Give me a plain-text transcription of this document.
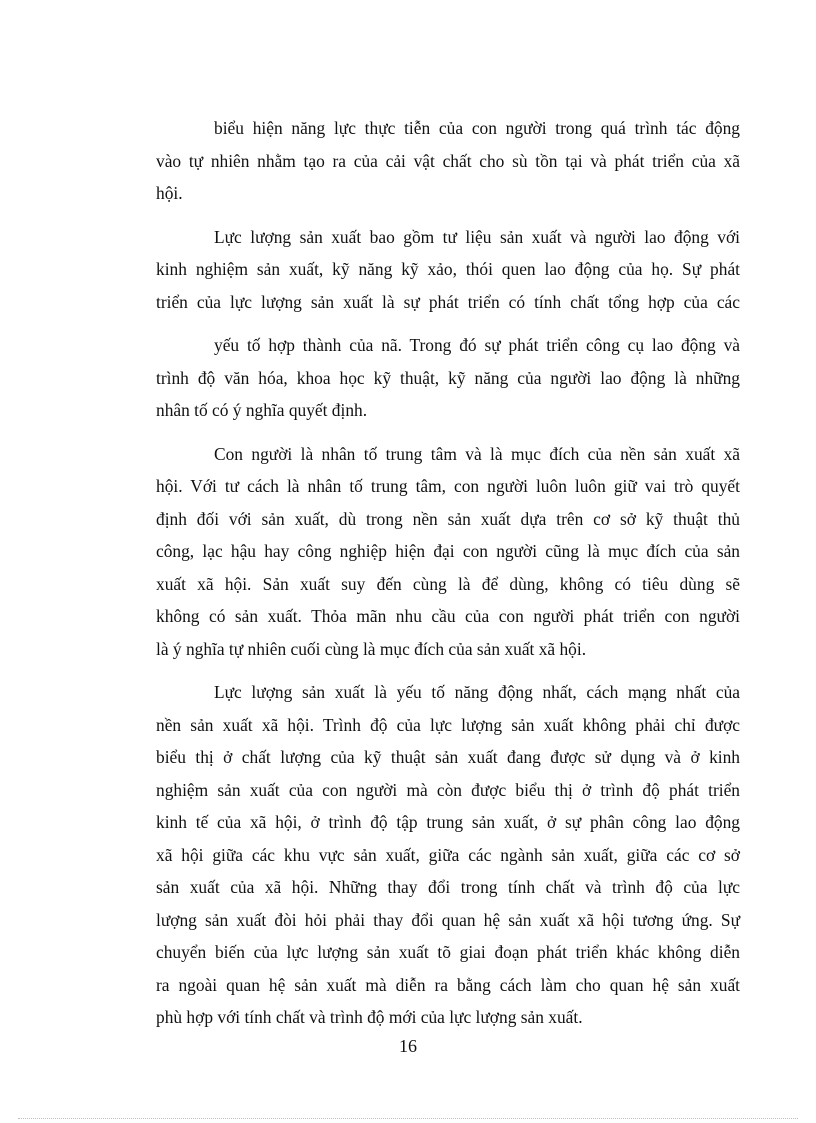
biểu hiện năng lực thực tiễn của con người trong quá trình tác động
vào tự nhiên nhằm tạo ra của cải vật chất cho sù tồn tại và phát triển của xã
hội.

Lực lượng sản xuất bao gồm tư liệu sản xuất và người lao động với
kinh nghiệm sản xuất, kỹ năng kỹ xảo, thói quen lao động của họ. Sự phát
triển của lực lượng sản xuất là sự phát triển có tính chất tổng hợp của các

yếu tố hợp thành của nã. Trong đó sự phát triển công cụ lao động và
trình độ văn hóa, khoa học kỹ thuật, kỹ năng của người lao động là những
nhân tố có ý nghĩa quyết định.

Con người là nhân tố trung tâm và là mục đích của nền sản xuất xã
hội. Với tư cách là nhân tố trung tâm, con người luôn luôn giữ vai trò quyết
định đối với sản xuất, dù trong nền sản xuất dựa trên cơ sở kỹ thuật thủ
công, lạc hậu hay công nghiệp hiện đại con người cũng là mục đích của sản
xuất xã hội. Sản xuất suy đến cùng là để dùng, không có tiêu dùng sẽ
không có sản xuất. Thỏa mãn nhu cầu của con người phát triển con người
là ý nghĩa tự nhiên cuối cùng là mục đích của sản xuất xã hội.

Lực lượng sản xuất là yếu tố năng động nhất, cách mạng nhất của
nền sản xuất xã hội. Trình độ của lực lượng sản xuất không phải chỉ được
biểu thị ở chất lượng của kỹ thuật sản xuất đang được sử dụng và ở kinh
nghiệm sản xuất của con người mà còn được biểu thị ở trình độ phát triển
kinh tế của xã hội, ở trình độ tập trung sản xuất, ở sự phân công lao động
xã hội giữa các khu vực sản xuất, giữa các ngành sản xuất, giữa các cơ sở
sản xuất của xã hội. Những thay đổi trong tính chất và trình độ của lực
lượng sản xuất đòi hỏi phải thay đổi quan hệ sản xuất xã hội tương ứng. Sự
chuyển biến của lực lượng sản xuất tõ giai đoạn phát triển khác không diễn
ra ngoài quan hệ sản xuất mà diễn ra bằng cách làm cho quan hệ sản xuất
phù hợp với tính chất và trình độ mới của lực lượng sản xuất.

16
